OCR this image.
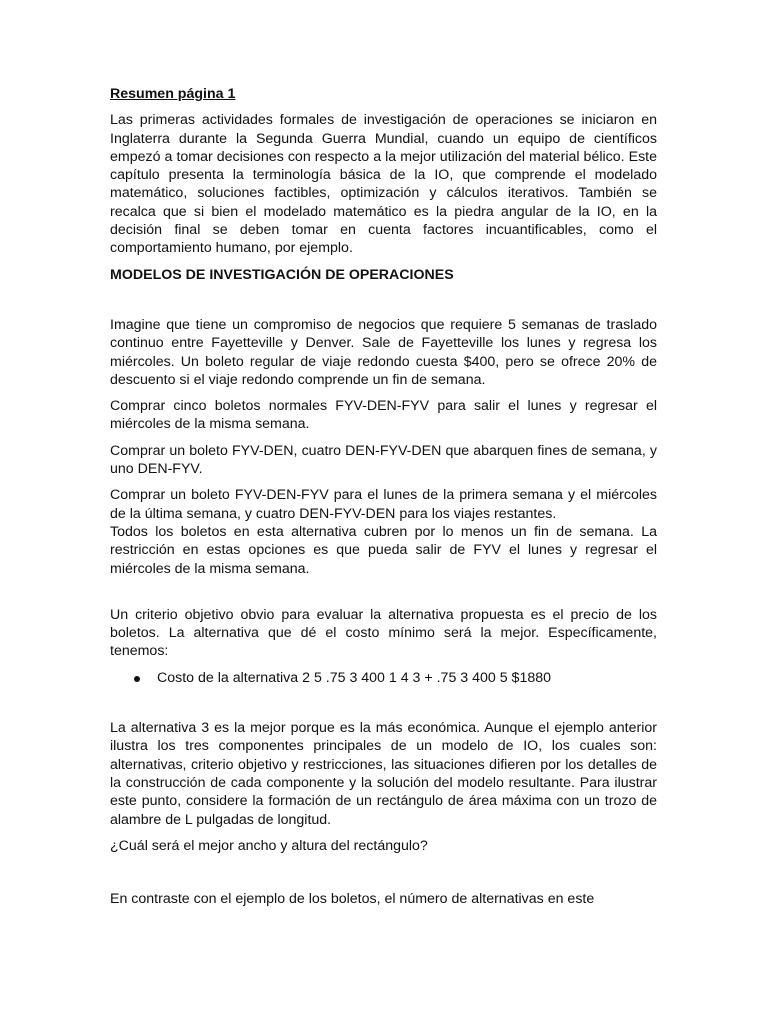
Resumen página 1

Las primeras actividades formales de investigación de operaciones se iniciaron en Inglaterra durante la Segunda Guerra Mundial, cuando un equipo de científicos empezó a tomar decisiones con respecto a la mejor utilización del material bélico. Este capítulo presenta la terminología básica de la IO, que comprende el modelado matemático, soluciones factibles, optimización y cálculos iterativos. También se recalca que si bien el modelado matemático es la piedra angular de la IO, en la decisión final se deben tomar en cuenta factores incuantificables, como el comportamiento humano, por ejemplo.

MODELOS DE INVESTIGACIÓN DE OPERACIONES

Imagine que tiene un compromiso de negocios que requiere 5 semanas de traslado continuo entre Fayetteville y Denver. Sale de Fayetteville los lunes y regresa los miércoles. Un boleto regular de viaje redondo cuesta $400, pero se ofrece 20% de descuento si el viaje redondo comprende un fin de semana.

Comprar cinco boletos normales FYV-DEN-FYV para salir el lunes y regresar el miércoles de la misma semana.

Comprar un boleto FYV-DEN, cuatro DEN-FYV-DEN que abarquen fines de semana, y uno DEN-FYV.

Comprar un boleto FYV-DEN-FYV para el lunes de la primera semana y el miércoles de la última semana, y cuatro DEN-FYV-DEN para los viajes restantes.

Todos los boletos en esta alternativa cubren por lo menos un fin de semana. La restricción en estas opciones es que pueda salir de FYV el lunes y regresar el miércoles de la misma semana.

Un criterio objetivo obvio para evaluar la alternativa propuesta es el precio de los boletos. La alternativa que dé el costo mínimo será la mejor. Específicamente, tenemos:

Costo de la alternativa 2 5 .75 3 400 1 4 3 + .75 3 400 5 $1880

La alternativa 3 es la mejor porque es la más económica. Aunque el ejemplo anterior ilustra los tres componentes principales de un modelo de IO, los cuales son: alternativas, criterio objetivo y restricciones, las situaciones difieren por los detalles de la construcción de cada componente y la solución del modelo resultante. Para ilustrar este punto, considere la formación de un rectángulo de área máxima con un trozo de alambre de L pulgadas de longitud.

¿Cuál será el mejor ancho y altura del rectángulo?

En contraste con el ejemplo de los boletos, el número de alternativas en este
